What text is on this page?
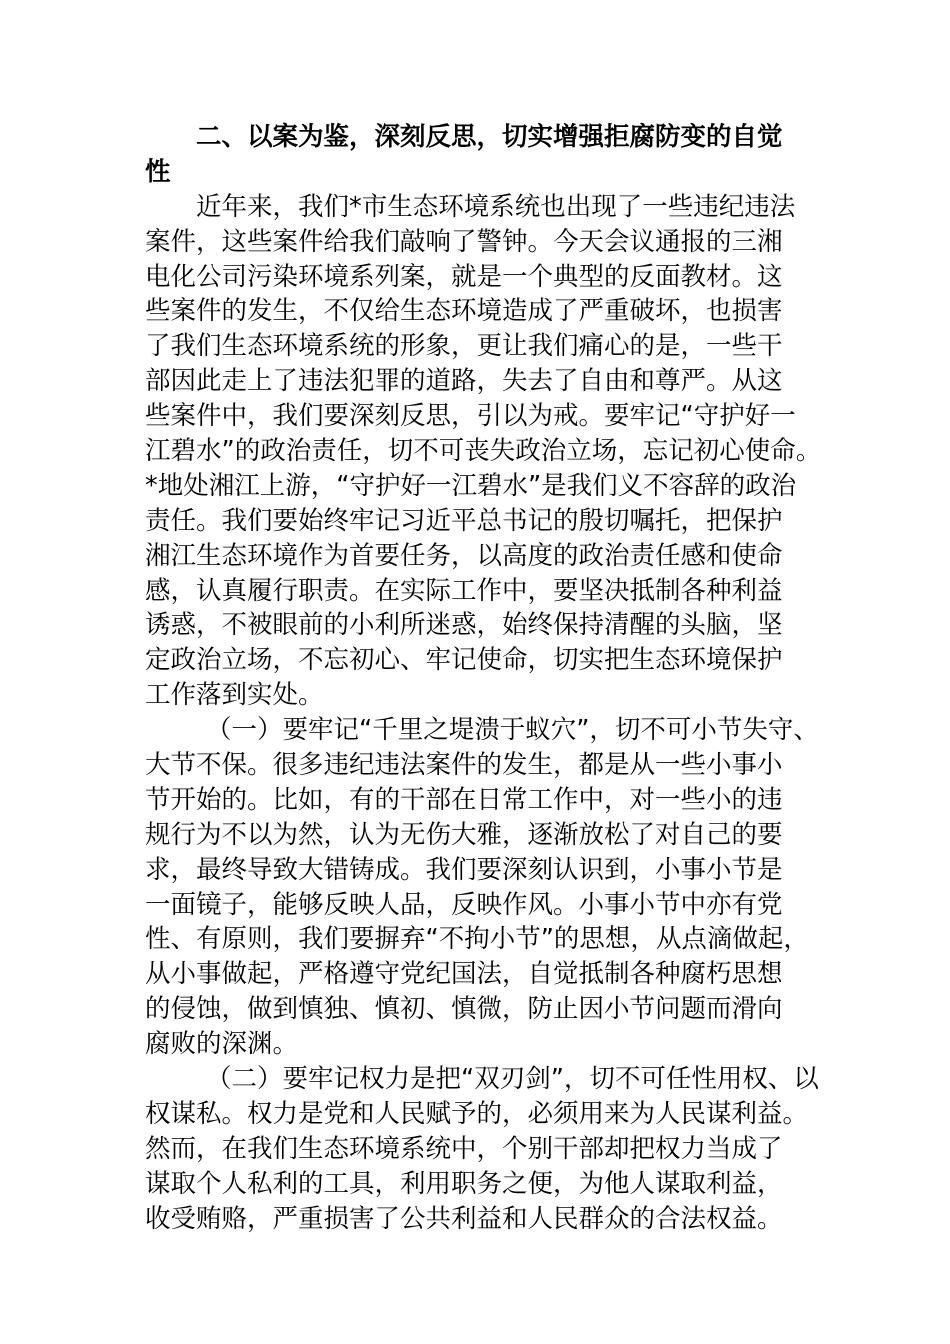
二、以案为鉴，深刻反思，切实增强拒腐防变的自觉
性
近年来，我们*市生态环境系统也出现了一些违纪违法
案件，这些案件给我们敲响了警钟。今天会议通报的三湘
电化公司污染环境系列案，就是一个典型的反面教材。这
些案件的发生，不仅给生态环境造成了严重破坏，也损害
了我们生态环境系统的形象，更让我们痛心的是，一些干
部因此走上了违法犯罪的道路，失去了自由和尊严。从这
些案件中，我们要深刻反思，引以为戒。要牢记“守护好一
江碧水”的政治责任，切不可丧失政治立场，忘记初心使命。
*地处湘江上游，“守护好一江碧水”是我们义不容辞的政治
责任。我们要始终牢记习近平总书记的殷切嘱托，把保护
湘江生态环境作为首要任务，以高度的政治责任感和使命
感，认真履行职责。在实际工作中，要坚决抵制各种利益
诱惑，不被眼前的小利所迷惑，始终保持清醒的头脑，坚
定政治立场，不忘初心、牢记使命，切实把生态环境保护
工作落到实处。
（一）要牢记“千里之堤溃于蚁穴”，切不可小节失守、
大节不保。很多违纪违法案件的发生，都是从一些小事小
节开始的。比如，有的干部在日常工作中，对一些小的违
规行为不以为然，认为无伤大雅，逐渐放松了对自己的要
求，最终导致大错铸成。我们要深刻认识到，小事小节是
一面镜子，能够反映人品，反映作风。小事小节中亦有党
性、有原则，我们要摒弃“不拘小节”的思想，从点滴做起，
从小事做起，严格遵守党纪国法，自觉抵制各种腐朽思想
的侵蚀，做到慎独、慎初、慎微，防止因小节问题而滑向
腐败的深渊。
（二）要牢记权力是把“双刃剑”，切不可任性用权、以
权谋私。权力是党和人民赋予的，必须用来为人民谋利益。
然而，在我们生态环境系统中，个别干部却把权力当成了
谋取个人私利的工具，利用职务之便，为他人谋取利益，
收受贿赂，严重损害了公共利益和人民群众的合法权益。
